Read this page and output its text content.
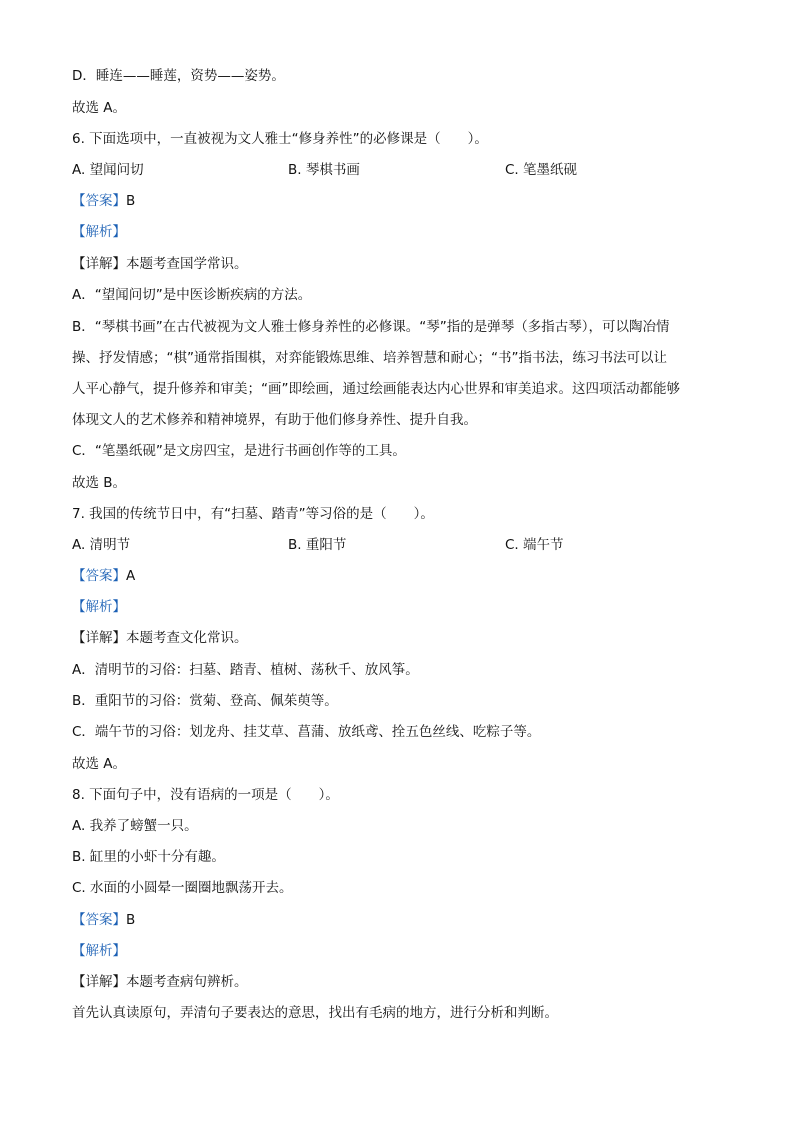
D．睡连——睡莲，资势——姿势。
故选 A。
6. 下面选项中，一直被视为文人雅士“修身养性”的必修课是（　　）。
A. 望闻问切	B. 琴棋书画	C. 笔墨纸砚
【答案】B
【解析】
【详解】本题考查国学常识。
A．“望闻问切”是中医诊断疾病的方法。
B．“琴棋书画”在古代被视为文人雅士修身养性的必修课。“琴”指的是弹琴（多指古琴），可以陶冶情
操、抒发情感；“棋”通常指围棋，对弈能锻炼思维、培养智慧和耐心；“书”指书法，练习书法可以让
人平心静气，提升修养和审美；“画”即绘画，通过绘画能表达内心世界和审美追求。这四项活动都能够
体现文人的艺术修养和精神境界，有助于他们修身养性、提升自我。
C．“笔墨纸砚”是文房四宝，是进行书画创作等的工具。
故选 B。
7. 我国的传统节日中，有“扫墓、踏青”等习俗的是（　　）。
A. 清明节	B. 重阳节	C. 端午节
【答案】A
【解析】
【详解】本题考查文化常识。
A．清明节的习俗：扫墓、踏青、植树、荡秋千、放风筝。
B．重阳节的习俗：赏菊、登高、佩茱萸等。
C．端午节的习俗：划龙舟、挂艾草、菖蒲、放纸鸢、拴五色丝线、吃粽子等。
故选 A。
8. 下面句子中，没有语病的一项是（　　）。
A. 我养了螃蟹一只。
B. 缸里的小虾十分有趣。
C. 水面的小圆晕一圈圈地飘荡开去。
【答案】B
【解析】
【详解】本题考查病句辨析。
首先认真读原句，弄清句子要表达的意思，找出有毛病的地方，进行分析和判断。
